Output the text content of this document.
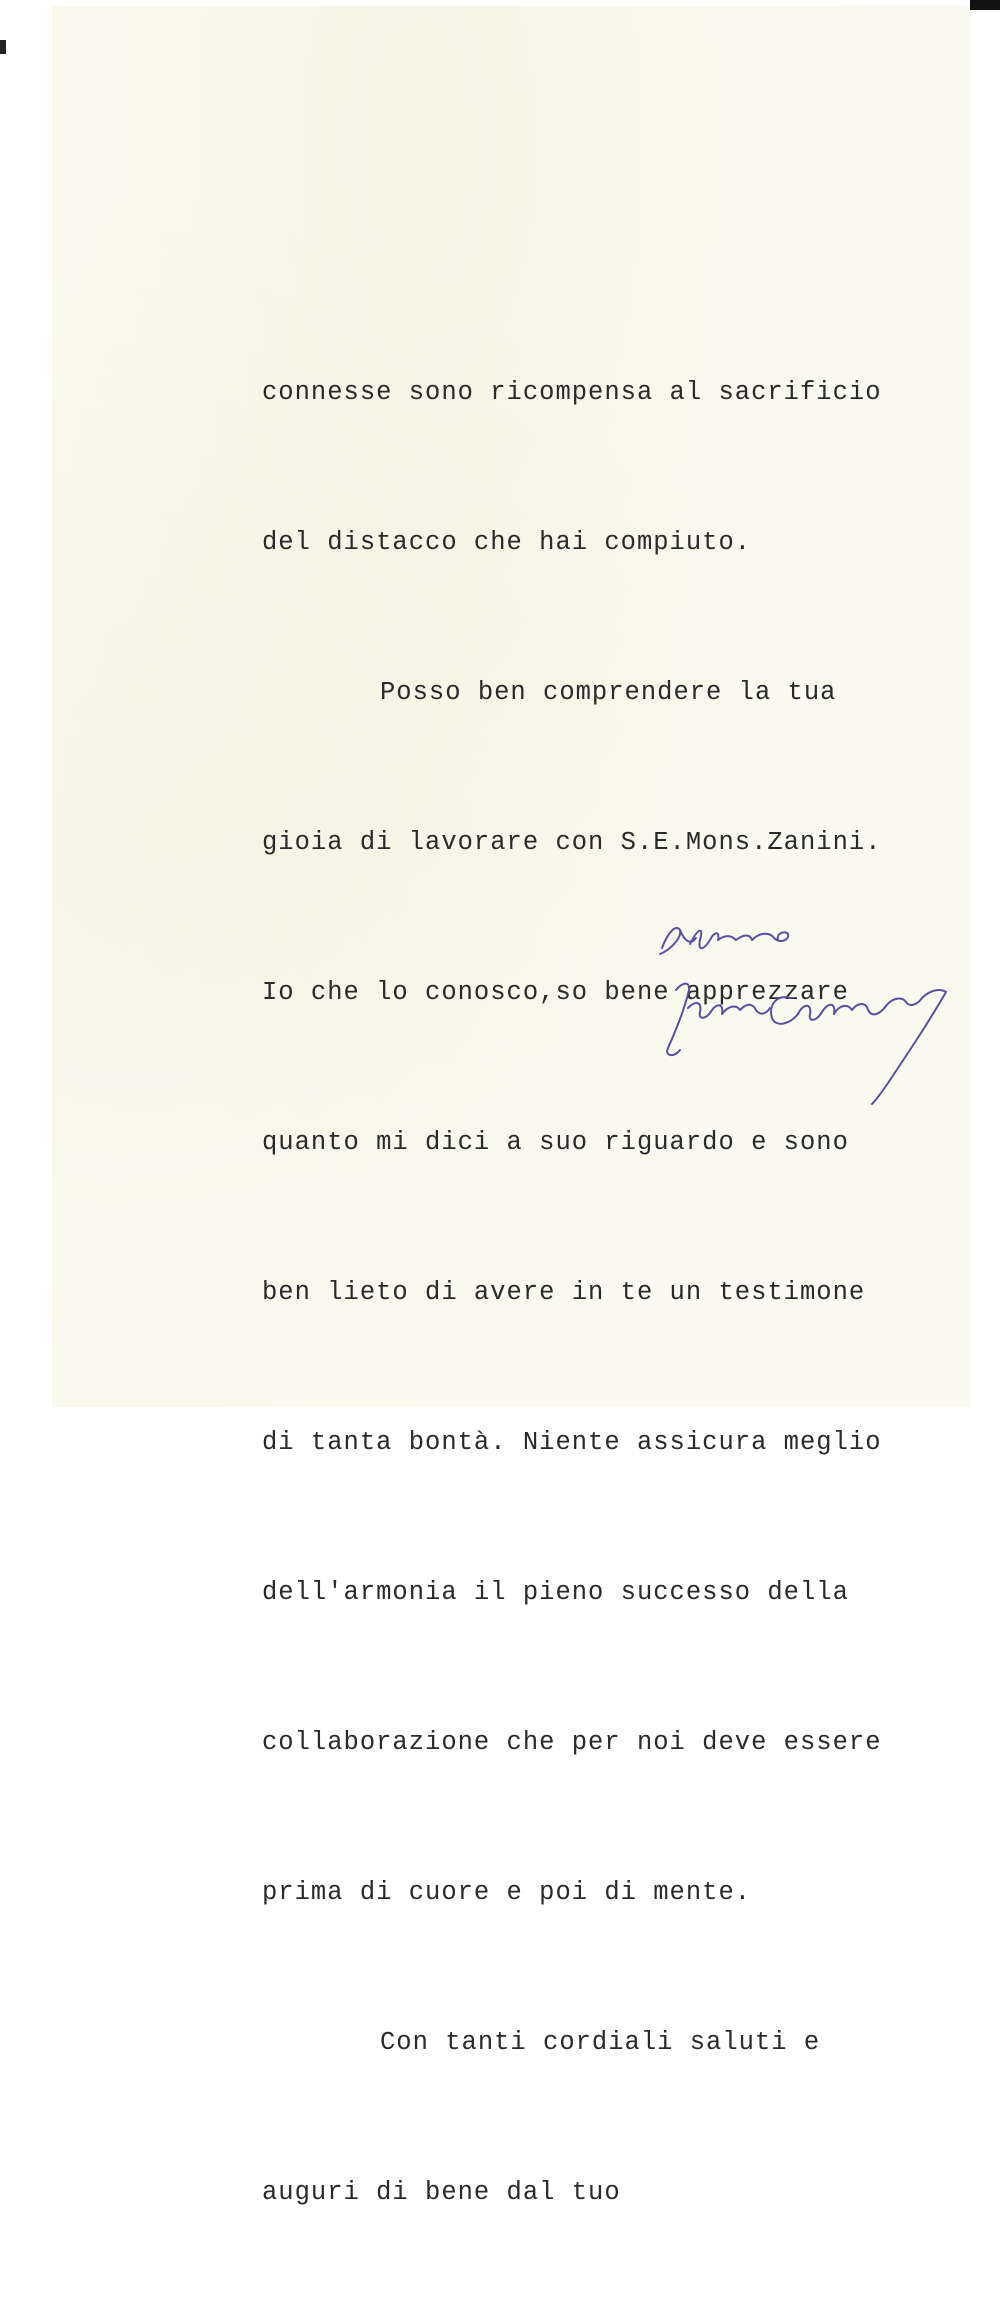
connesse sono ricompensa al sacrificio

del distacco che hai compiuto.

Posso ben comprendere la tua

gioia di lavorare con S.E.Mons.Zanini.

Io che lo conosco,so bene apprezzare

quanto mi dici a suo riguardo e sono

ben lieto di avere in te un testimone

di tanta bontà. Niente assicura meglio

dell'armonia il pieno successo della

collaborazione che per noi deve essere

prima di cuore e poi di mente.

Con tanti cordiali saluti e

auguri di bene dal tuo
